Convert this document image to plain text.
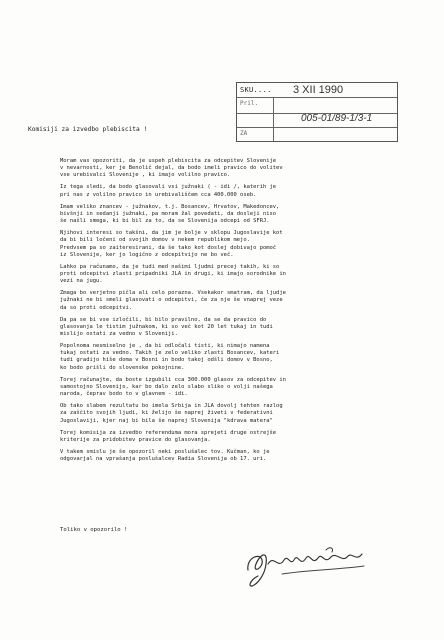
SKU.... 3 XII 1990
Pril.
005-01/89-1/3-1
ZA
Komisiji za izvedbo plebiscita !

Moram vas opozoriti, da je uspeh plebiscita za odcepitev Slovenije
v nevarnosti, ker je Benolič dejal, da bodo imeli pravico do volitev
vse urebivalci Slovenije , ki imajo volilno pravico.

Iz tega sledi, da bodo glasovali vsi južnaki ( - idi /, katerih je
pri nas z volilno pravico in urebivališčem cca 400.000 oseb.

Imam veliko znancev - južnakov, t.j. Bosancev, Hrvatov, Makedoncev,
bivšnji in sedanji južnaki, pa moram žal povedati, da dosleji niso
še našli smega, ki bi bil za to, da se Slovenija odcepi od SFRJ.

Njihovi interesi so takšni, da jim je bolje v sklopu Jugoslavije kot
da bi bili ločeni od svojih domov v nekem republikom mejo.
Predvsem pa so zaiteresirani, da še tako kot doslej dobivajo pomoč
iz Slovenije, ker jo logično z odcepitvijo ne bo več.

Lahko pa računamo, da je tudi med našimi ljudmi precej takih, ki so
proti odcepitvi zlasti pripadniki JLA in drugi, ki imajo sorodnike in
vezi na jugu.

Zmaga bo verjetno pičla ali celo porazna. Vsekakor smatram, da ljudje
južnaki ne bi smeli glasovati o odcepitvi, če za nje še vnaprej veze
da so proti odcepitvi.

Da pa se bi vse izločili, bi bilo pravilno, da se da pravico do
glasovanja le tistim južnakom, ki so več kot 20 let tukaj in tudi
mislijo ostati za vedno v Sloveniji.

Popolnoma nesmiselno je , da bi odločali tisti, ki nimajo namena
tukaj ostati za vedno. Takih je zelo veliko zlasti Bosancev, kateri
tudi gradijo hiše doma v Bosni in bodo takoj odšli domov v Bosno,
ko bodo prišli do slovenske pokojnine.

Torej računajte, da boste izgubili cca 300.000 glasov za odcepitev in
samostojno Slovenijo, kar bo dalo zelo slabo sliko o volji našega
naroda, čeprav bodo to v glavnem - idi.

Ob tako slabem rezultatu bo imela Srbija in JLA dovolj tehten razlog
za zaščito svojih ljudi, ki želijo še naprej živeti v federativni
Jugoslaviji, kjer naj bi bila še naprej Slovenija "kdrava matera"

Torej komisija za izvedbo referenduma mora sprejeti druge ostrejše
kriterije za pridobitev pravice do glasovanja.

V takem smislu je še opozoril neki poslušalec tov. Kučman, ko je
odgovarjal na vprašanja poslušalcev Radia Slovenija ob 17. uri.

Toliko v opozorilo !
